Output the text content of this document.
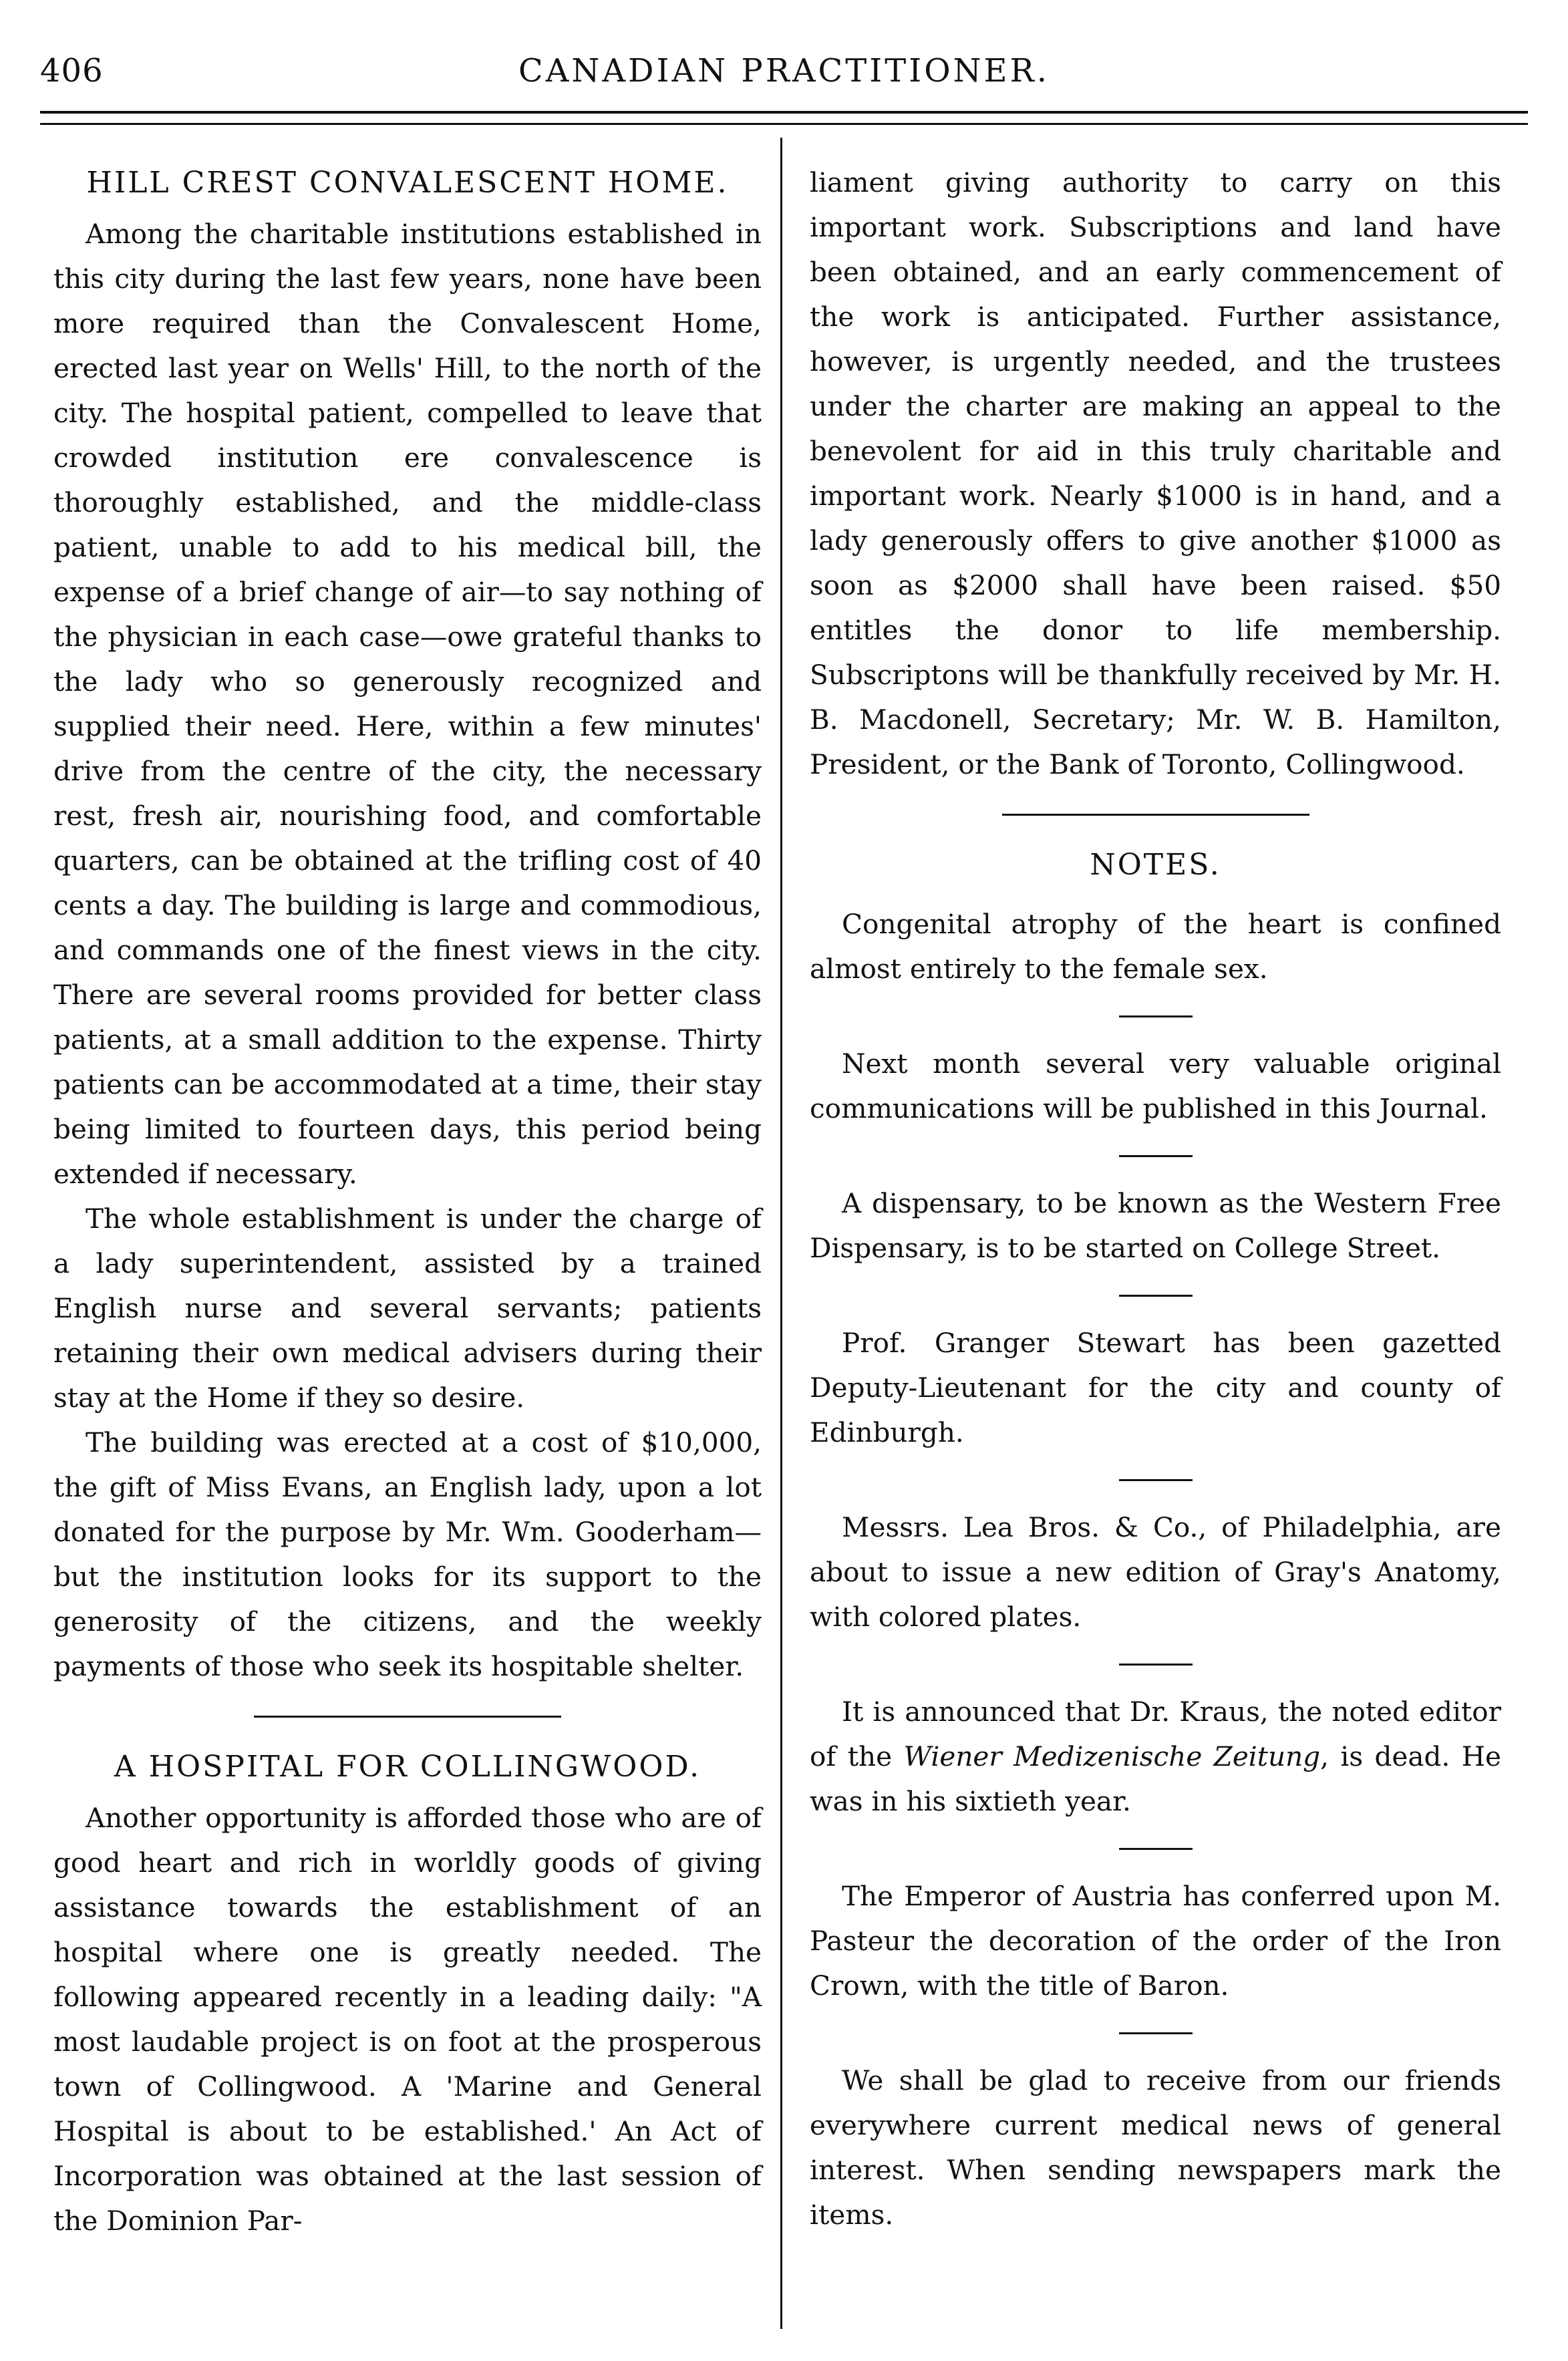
406	CANADIAN PRACTITIONER.
HILL CREST CONVALESCENT HOME.

Among the charitable institutions established in this city during the last few years, none have been more required than the Convalescent Home, erected last year on Wells' Hill, to the north of the city. The hospital patient, compelled to leave that crowded institution ere convalescence is thoroughly established, and the middle-class patient, unable to add to his medical bill, the expense of a brief change of air—to say nothing of the physician in each case—owe grateful thanks to the lady who so generously recognized and supplied their need. Here, within a few minutes' drive from the centre of the city, the necessary rest, fresh air, nourishing food, and comfortable quarters, can be obtained at the trifling cost of 40 cents a day. The building is large and commodious, and commands one of the finest views in the city. There are several rooms provided for better class patients, at a small addition to the expense. Thirty patients can be accommodated at a time, their stay being limited to fourteen days, this period being extended if necessary.

The whole establishment is under the charge of a lady superintendent, assisted by a trained English nurse and several servants; patients retaining their own medical advisers during their stay at the Home if they so desire.

The building was erected at a cost of $10,000, the gift of Miss Evans, an English lady, upon a lot donated for the purpose by Mr. Wm. Gooderham—but the institution looks for its support to the generosity of the citizens, and the weekly payments of those who seek its hospitable shelter.

A HOSPITAL FOR COLLINGWOOD.

Another opportunity is afforded those who are of good heart and rich in worldly goods of giving assistance towards the establishment of an hospital where one is greatly needed. The following appeared recently in a leading daily: "A most laudable project is on foot at the prosperous town of Collingwood. A 'Marine and General Hospital is about to be established.' An Act of Incorporation was obtained at the last session of the Dominion Par-

liament giving authority to carry on this important work. Subscriptions and land have been obtained, and an early commencement of the work is anticipated. Further assistance, however, is urgently needed, and the trustees under the charter are making an appeal to the benevolent for aid in this truly charitable and important work. Nearly $1000 is in hand, and a lady generously offers to give another $1000 as soon as $2000 shall have been raised. $50 entitles the donor to life membership. Subscriptons will be thankfully received by Mr. H. B. Macdonell, Secretary; Mr. W. B. Hamilton, President, or the Bank of Toronto, Collingwood.

NOTES.

Congenital atrophy of the heart is confined almost entirely to the female sex.

Next month several very valuable original communications will be published in this Journal.

A dispensary, to be known as the Western Free Dispensary, is to be started on College Street.

Prof. Granger Stewart has been gazetted Deputy-Lieutenant for the city and county of Edinburgh.

Messrs. Lea Bros. & Co., of Philadelphia, are about to issue a new edition of Gray's Anatomy, with colored plates.

It is announced that Dr. Kraus, the noted editor of the Wiener Medizenische Zeitung, is dead. He was in his sixtieth year.

The Emperor of Austria has conferred upon M. Pasteur the decoration of the order of the Iron Crown, with the title of Baron.

We shall be glad to receive from our friends everywhere current medical news of general interest. When sending newspapers mark the items.
